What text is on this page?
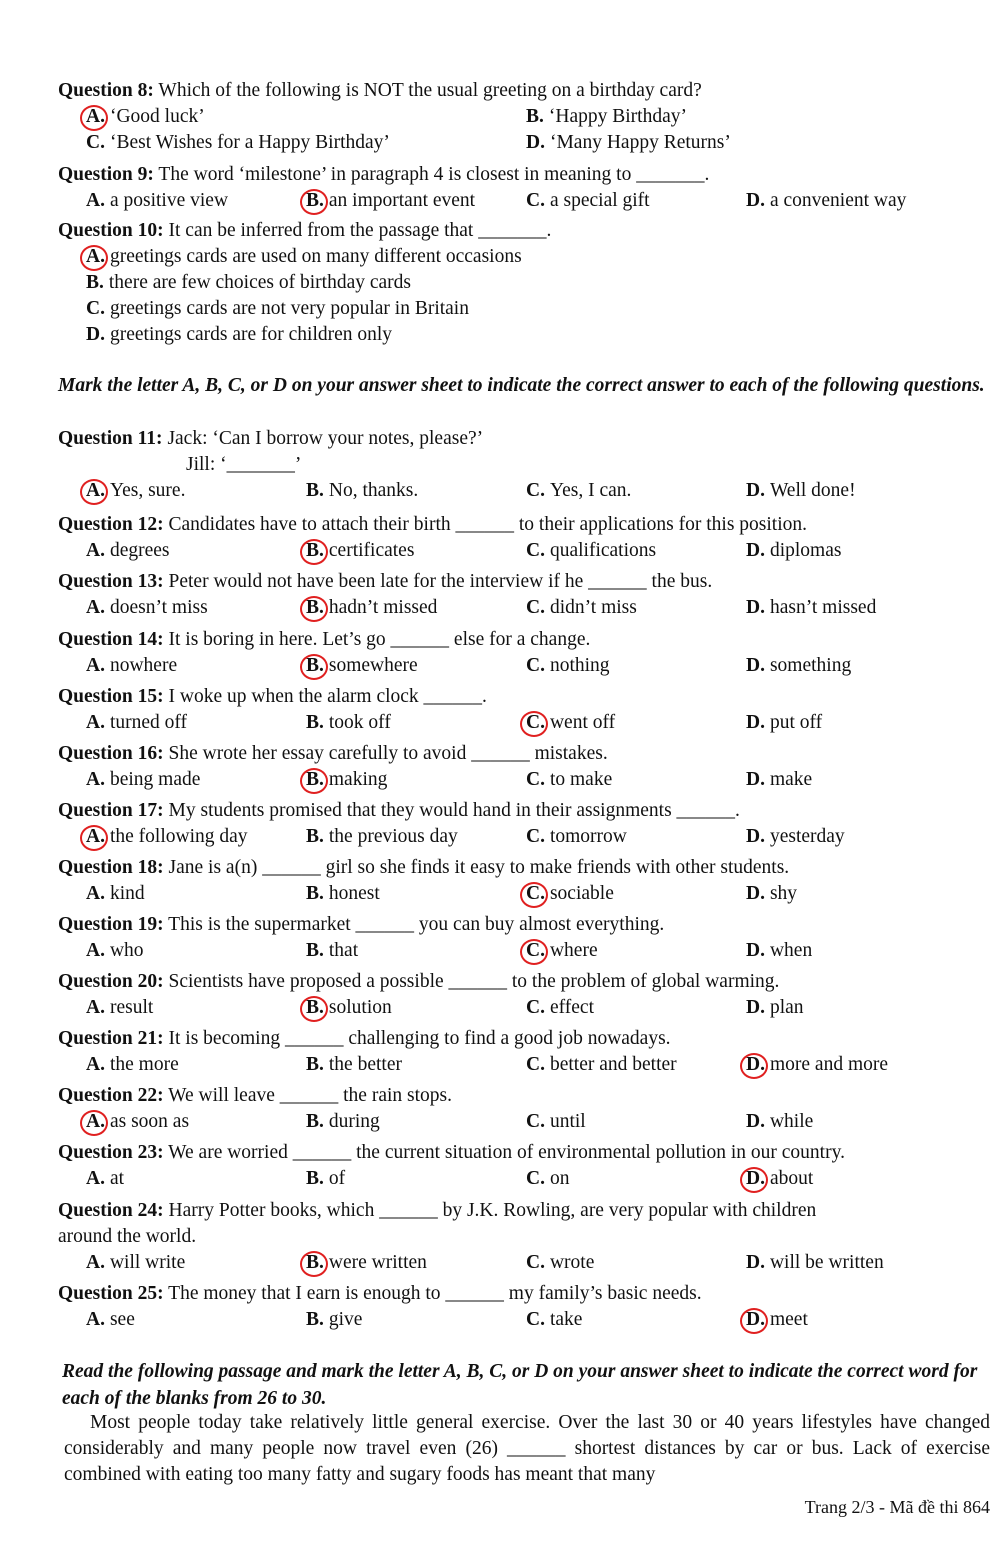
Question 8: Which of the following is NOT the usual greeting on a birthday card?
A. ‘Good luck’	B. ‘Happy Birthday’
C. ‘Best Wishes for a Happy Birthday’	D. ‘Many Happy Returns’
Question 9: The word ‘milestone’ in paragraph 4 is closest in meaning to _______.
A. a positive view	B. an important event	C. a special gift	D. a convenient way
Question 10: It can be inferred from the passage that _______.
A. greetings cards are used on many different occasions
B. there are few choices of birthday cards
C. greetings cards are not very popular in Britain
D. greetings cards are for children only
Mark the letter A, B, C, or D on your answer sheet to indicate the correct answer to each of the following questions.
Question 11: Jack: ‘Can I borrow your notes, please?’
Jill: ‘_______’
A. Yes, sure.	B. No, thanks.	C. Yes, I can.	D. Well done!
Question 12: Candidates have to attach their birth ______ to their applications for this position.
A. degrees	B. certificates	C. qualifications	D. diplomas
Question 13: Peter would not have been late for the interview if he ______ the bus.
A. doesn’t miss	B. hadn’t missed	C. didn’t miss	D. hasn’t missed
Question 14: It is boring in here. Let’s go ______ else for a change.
A. nowhere	B. somewhere	C. nothing	D. something
Question 15: I woke up when the alarm clock ______.
A. turned off	B. took off	C. went off	D. put off
Question 16: She wrote her essay carefully to avoid ______ mistakes.
A. being made	B. making	C. to make	D. make
Question 17: My students promised that they would hand in their assignments ______.
A. the following day	B. the previous day	C. tomorrow	D. yesterday
Question 18: Jane is a(n) ______ girl so she finds it easy to make friends with other students.
A. kind	B. honest	C. sociable	D. shy
Question 19: This is the supermarket ______ you can buy almost everything.
A. who	B. that	C. where	D. when
Question 20: Scientists have proposed a possible ______ to the problem of global warming.
A. result	B. solution	C. effect	D. plan
Question 21: It is becoming ______ challenging to find a good job nowadays.
A. the more	B. the better	C. better and better	D. more and more
Question 22: We will leave ______ the rain stops.
A. as soon as	B. during	C. until	D. while
Question 23: We are worried ______ the current situation of environmental pollution in our country.
A. at	B. of	C. on	D. about
Question 24: Harry Potter books, which ______ by J.K. Rowling, are very popular with children
around the world.
A. will write	B. were written	C. wrote	D. will be written
Question 25: The money that I earn is enough to ______ my family’s basic needs.
A. see	B. give	C. take	D. meet
Read the following passage and mark the letter A, B, C, or D on your answer sheet to indicate the correct word for each of the blanks from 26 to 30.

Most people today take relatively little general exercise. Over the last 30 or 40 years lifestyles have changed considerably and many people now travel even (26) ______ shortest distances by car or bus. Lack of exercise combined with eating too many fatty and sugary foods has meant that many

Trang 2/3 - Mã đề thi 864
